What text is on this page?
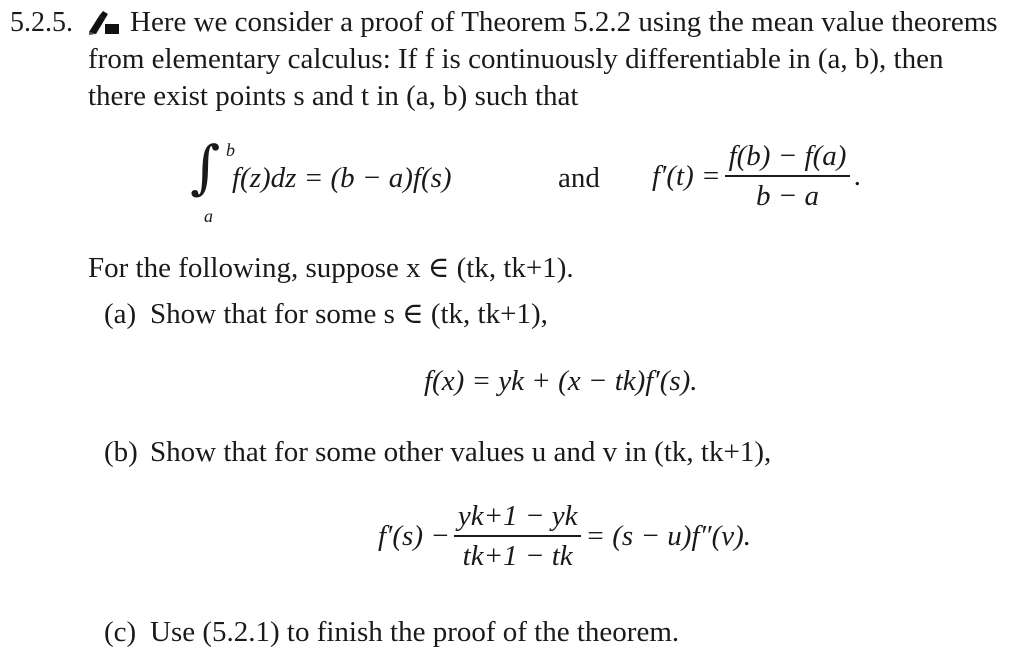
5.2.5. Here we consider a proof of Theorem 5.2.2 using the mean value theorems
from elementary calculus: If f is continuously differentiable in (a, b), then
there exist points s and t in (a, b) such that
∫ b
a
f(z)dz = (b − a)f(s)	and $f'(t) = \frac{f(b) - f(a)}{b - a}$ .
For the following, suppose x ∈ (tk, tk+1).
(a) Show that for some s ∈ (tk, tk+1),
f(x) = yk + (x − tk)f′(s).
(b) Show that for some other values u and v in (tk, tk+1),
$f'(s) - \frac{yk+1 - yk}{tk+1 - tk} = (s - u)f''(v)$.
(c) Use (5.2.1) to finish the proof of the theorem.
